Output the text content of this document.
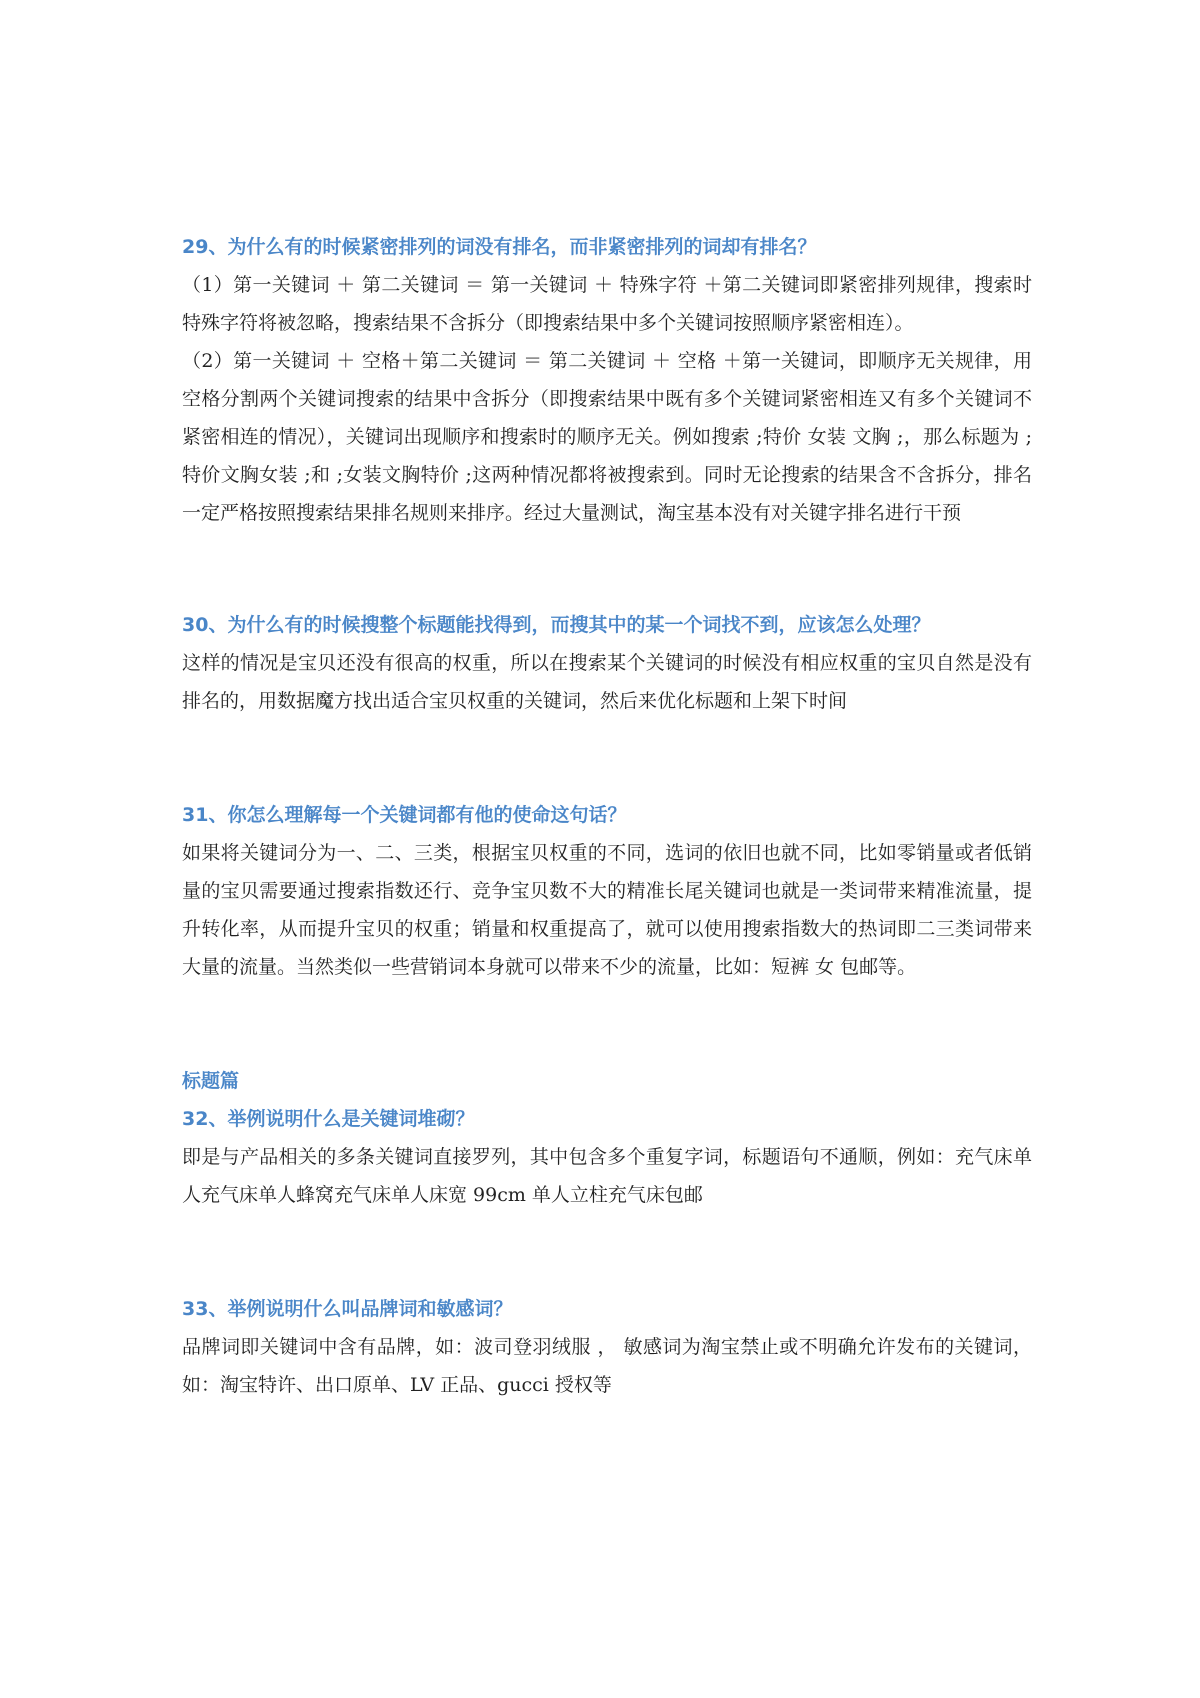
29、为什么有的时候紧密排列的词没有排名，而非紧密排列的词却有排名？

（1）第一关键词 ＋ 第二关键词 ＝ 第一关键词 ＋ 特殊字符 ＋第二关键词即紧密排列规律，搜索时特殊字符将被忽略，搜索结果不含拆分（即搜索结果中多个关键词按照顺序紧密相连）。

（2）第一关键词 ＋ 空格＋第二关键词 ＝ 第二关键词 ＋ 空格 ＋第一关键词，即顺序无关规律，用空格分割两个关键词搜索的结果中含拆分（即搜索结果中既有多个关键词紧密相连又有多个关键词不紧密相连的情况），关键词出现顺序和搜索时的顺序无关。例如搜索 ;特价 女装 文胸 ;，那么标题为 ;特价文胸女装 ;和 ;女装文胸特价 ;这两种情况都将被搜索到。同时无论搜索的结果含不含拆分，排名一定严格按照搜索结果排名规则来排序。经过大量测试，淘宝基本没有对关键字排名进行干预

30、为什么有的时候搜整个标题能找得到，而搜其中的某一个词找不到，应该怎么处理？

这样的情况是宝贝还没有很高的权重，所以在搜索某个关键词的时候没有相应权重的宝贝自然是没有排名的，用数据魔方找出适合宝贝权重的关键词，然后来优化标题和上架下时间

31、你怎么理解每一个关键词都有他的使命这句话？

如果将关键词分为一、二、三类，根据宝贝权重的不同，选词的依旧也就不同，比如零销量或者低销量的宝贝需要通过搜索指数还行、竞争宝贝数不大的精准长尾关键词也就是一类词带来精准流量，提升转化率，从而提升宝贝的权重；销量和权重提高了，就可以使用搜索指数大的热词即二三类词带来大量的流量。当然类似一些营销词本身就可以带来不少的流量，比如：短裤 女 包邮等。

标题篇

32、举例说明什么是关键词堆砌？

即是与产品相关的多条关键词直接罗列，其中包含多个重复字词，标题语句不通顺，例如：充气床单人充气床单人蜂窝充气床单人床宽 99cm 单人立柱充气床包邮

33、举例说明什么叫品牌词和敏感词？

品牌词即关键词中含有品牌，如：波司登羽绒服 ， 敏感词为淘宝禁止或不明确允许发布的关键词，如：淘宝特许、出口原单、LV 正品、gucci 授权等
